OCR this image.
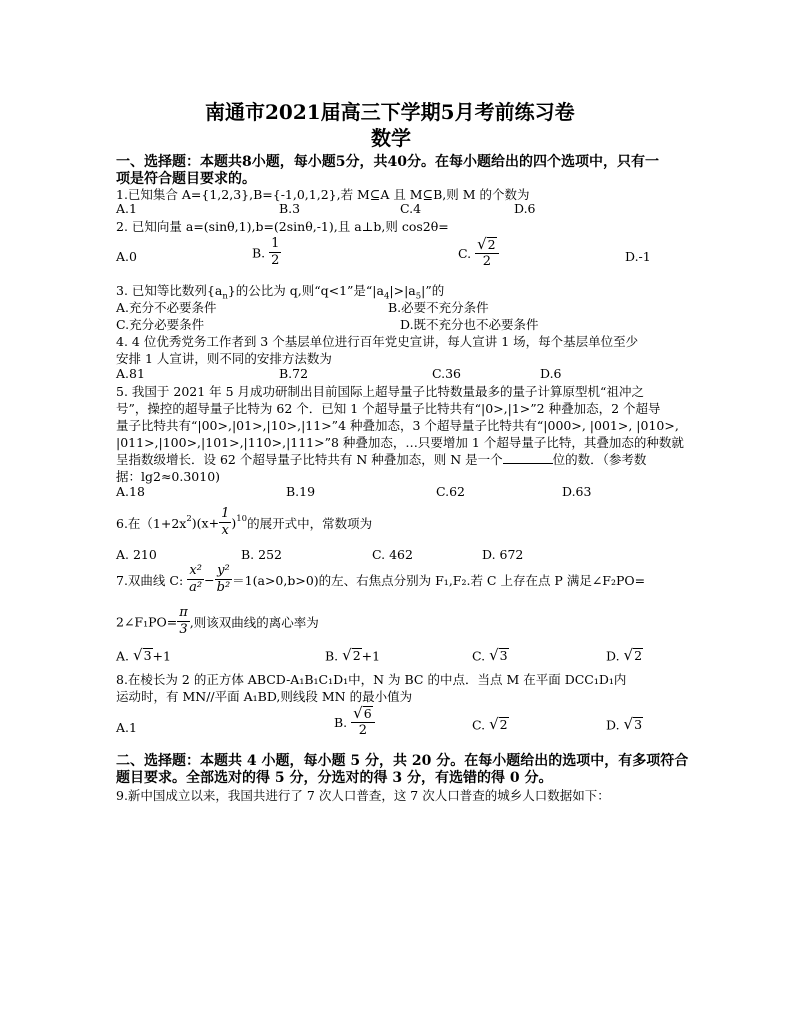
南通市2021届高三下学期5月考前练习卷
数学
一、选择题：本题共8小题，每小题5分，共40分。在每小题给出的四个选项中，只有一
项是符合题目要求的。
1.已知集合 A={1,2,3},B={-1,0,1,2},若 M⊆A 且 M⊆B,则 M 的个数为
A.1	B.3	C.4	D.6
2. 已知向量 a=(sinθ,1),b=(2sinθ,-1),且 a⊥b,则 cos2θ=
A.0	B. $\frac{1}{2}$	C. $\frac{√ 2}{2}$	D.-1
3. 已知等比数列$\{a_n\}$的公比为 q,则“q<1”是“$|a_4|>|a_5|$”的
A.充分不必要条件	B.必要不充分条件
C.充分必要条件	D.既不充分也不必要条件
4. 4 位优秀党务工作者到 3 个基层单位进行百年党史宣讲，每人宣讲 1 场，每个基层单位至少
安排 1 人宣讲，则不同的安排方法数为
A.81	B.72	C.36	D.6
5. 我国于 2021 年 5 月成功研制出目前国际上超导量子比特数量最多的量子计算原型机“祖冲之
号”，操控的超导量子比特为 62 个．已知 1 个超导量子比特共有“|0>,|1>”2 种叠加态，2 个超导
量子比特共有“|00>,|01>,|10>,|11>”4 种叠加态，3 个超导量子比特共有“|000>, |001>, |010>,
|011>,|100>,|101>,|110>,|111>”8 种叠加态，…只要增加 1 个超导量子比特，其叠加态的种数就
呈指数级增长．设 62 个超导量子比特共有 N 种叠加态，则 N 是一个	位的数．（参考数
据：lg2≈0.3010)
A.18	B.19	C.62	D.63
6.在$(1+2x^2)(x+ \frac{1}{x} )^{10}$的展开式中，常数项为
A. 210	B. 252	C. 462	D. 672
7.双曲线 C: $\frac{\text{x²}}{\text{a²}} - \frac{\text{y²}}{\text{b²}} =1(a>0,b>0)$的左、右焦点分别为 F₁,F₂.若 C 上存在点 P 满足∠F₂PO=
2∠F₁PO= $\frac{\pi}{3}$ ,则该双曲线的离心率为
A. √ 3 +1	B. √ 2 +1	C. √ 3	D. √ 2
8.在棱长为 2 的正方体 ABCD-A₁B₁C₁D₁中，N 为 BC 的中点．当点 M 在平面 DCC₁D₁内
运动时，有 MN//平面 A₁BD,则线段 MN 的最小值为
A.1	B. $\frac{√ 6}{2}$	C. √ 2	D. √ 3
二、选择题：本题共 4 小题，每小题 5 分，共 20 分。在每小题给出的选项中，有多项符合
题目要求。全部选对的得 5 分，分选对的得 3 分，有选错的得 0 分。
9.新中国成立以来，我国共进行了 7 次人口普查，这 7 次人口普查的城乡人口数据如下：
